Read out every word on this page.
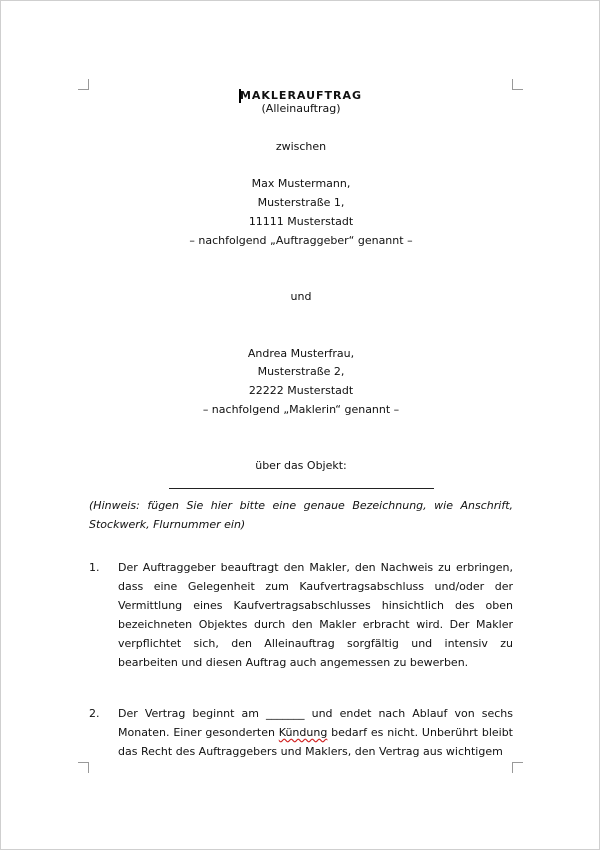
MAKLERAUFTRAG
(Alleinauftrag)
zwischen
Max Mustermann,
Musterstraße 1,
11111 Musterstadt
– nachfolgend „Auftraggeber“ genannt –
und
Andrea Musterfrau,
Musterstraße 2,
22222 Musterstadt
– nachfolgend „Maklerin“ genannt –
über das Objekt:
(Hinweis: fügen Sie hier bitte eine genaue Bezeichnung, wie Anschrift, Stockwerk, Flurnummer ein)
1. Der Auftraggeber beauftragt den Makler, den Nachweis zu erbringen, dass eine Gelegenheit zum Kaufvertragsabschluss und/oder der Vermittlung eines Kaufvertragsabschlusses hinsichtlich des oben bezeichneten Objektes durch den Makler erbracht wird. Der Makler verpflichtet sich, den Alleinauftrag sorgfältig und intensiv zu bearbeiten und diesen Auftrag auch angemessen zu bewerben.
2. Der Vertrag beginnt am _______ und endet nach Ablauf von sechs Monaten. Einer gesonderten Kündung bedarf es nicht. Unberührt bleibt das Recht des Auftraggebers und Maklers, den Vertrag aus wichtigem
